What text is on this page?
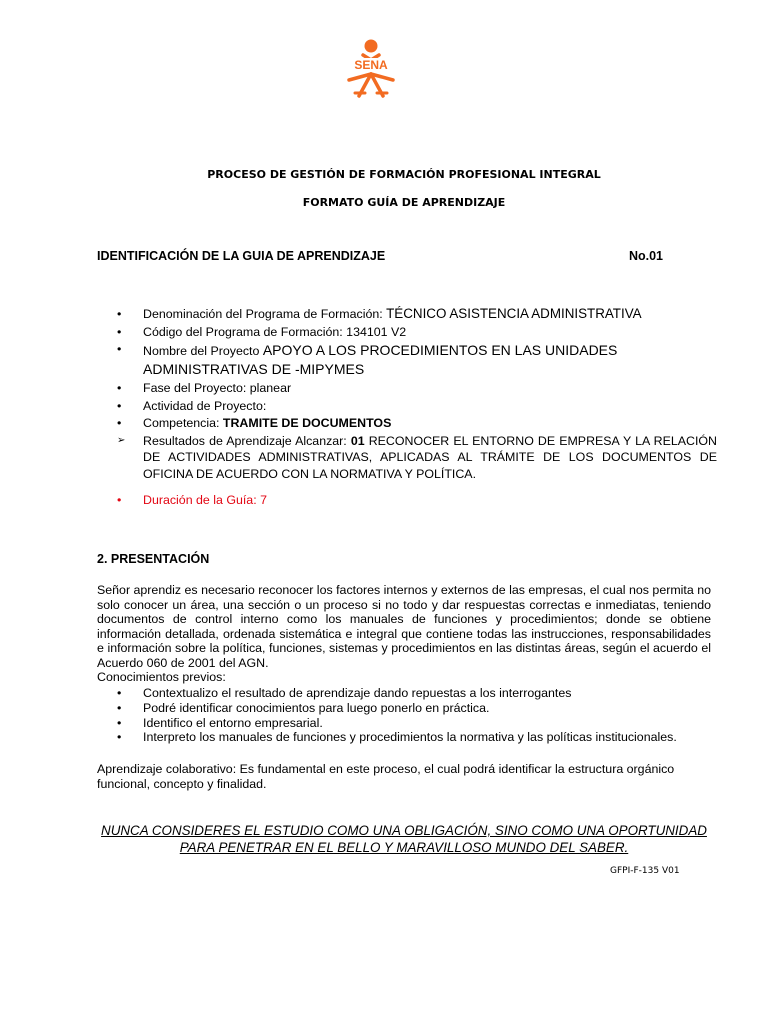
SENA
PROCESO DE GESTIÓN DE FORMACIÓN PROFESIONAL INTEGRAL
FORMATO GUÍA DE APRENDIZAJE
IDENTIFICACIÓN DE LA GUIA DE APRENDIZAJE	No.01
•	Denominación del Programa de Formación: TÉCNICO ASISTENCIA ADMINISTRATIVA
•	Código del Programa de Formación: 134101 V2
•	Nombre del Proyecto APOYO A LOS PROCEDIMIENTOS EN LAS UNIDADES ADMINISTRATIVAS DE -MIPYMES
•	Fase del Proyecto: planear
•	Actividad de Proyecto:
•	Competencia: TRAMITE DE DOCUMENTOS
➢ Resultados de Aprendizaje Alcanzar: 01 RECONOCER EL ENTORNO DE EMPRESA Y LA RELACIÓN DE ACTIVIDADES ADMINISTRATIVAS, APLICADAS AL TRÁMITE DE LOS DOCUMENTOS DE OFICINA DE ACUERDO CON LA NORMATIVA Y POLÍTICA.
•	Duración de la Guía: 7
2. PRESENTACIÓN

Señor aprendiz es necesario reconocer los factores internos y externos de las empresas, el cual nos permita no solo conocer un área, una sección o un proceso si no todo y dar respuestas correctas e inmediatas, teniendo documentos de control interno como los manuales de funciones y procedimientos; donde se obtiene información detallada, ordenada sistemática e integral que contiene todas las instrucciones, responsabilidades e información sobre la política, funciones, sistemas y procedimientos en las distintas áreas, según el acuerdo el Acuerdo 060 de 2001 del AGN.

Conocimientos previos:
• Contextualizo el resultado de aprendizaje dando repuestas a los interrogantes
• Podré identificar conocimientos para luego ponerlo en práctica.
• Identifico el entorno empresarial.
• Interpreto los manuales de funciones y procedimientos la normativa y las políticas institucionales.

Aprendizaje colaborativo: Es fundamental en este proceso, el cual podrá identificar la estructura orgánico funcional, concepto y finalidad.

NUNCA CONSIDERES EL ESTUDIO COMO UNA OBLIGACIÓN, SINO COMO UNA OPORTUNIDAD PARA PENETRAR EN EL BELLO Y MARAVILLOSO MUNDO DEL SABER.

GFPI-F-135 V01
